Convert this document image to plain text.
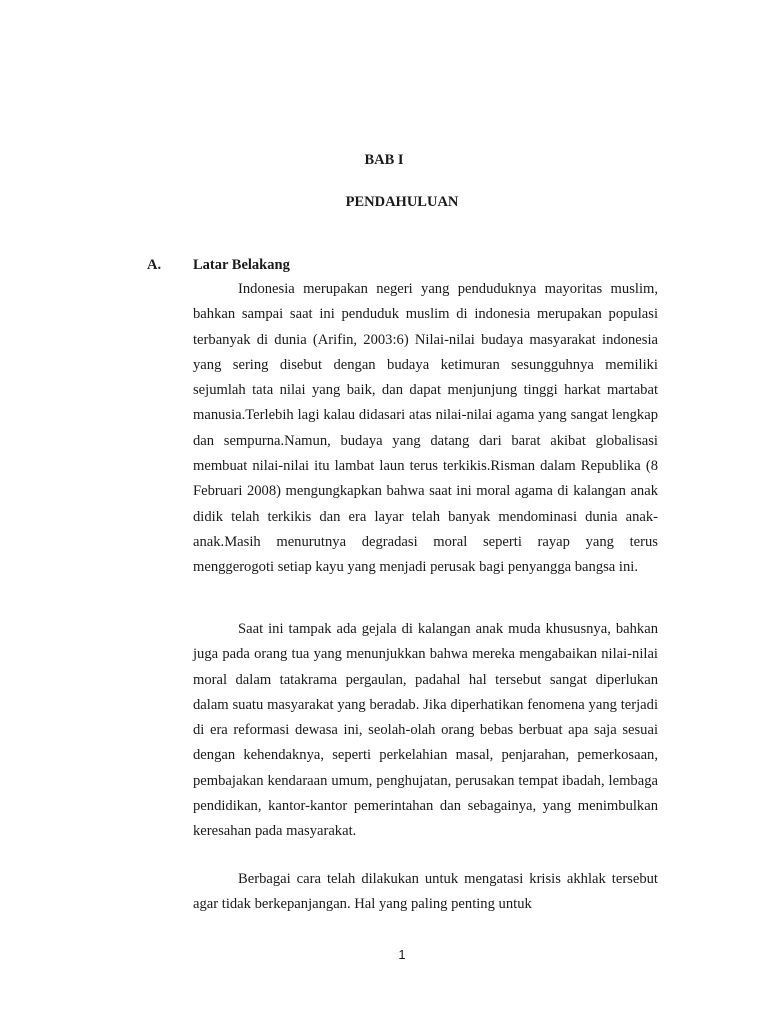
BAB I
PENDAHULUAN
A. Latar Belakang

Indonesia merupakan negeri yang penduduknya mayoritas muslim, bahkan sampai saat ini penduduk muslim di indonesia merupakan populasi terbanyak di dunia (Arifin, 2003:6) Nilai-nilai budaya masyarakat indonesia yang sering disebut dengan budaya ketimuran sesungguhnya memiliki sejumlah tata nilai yang baik, dan dapat menjunjung tinggi harkat martabat manusia.Terlebih lagi kalau didasari atas nilai-nilai agama yang sangat lengkap dan sempurna.Namun, budaya yang datang dari barat akibat globalisasi membuat nilai-nilai itu lambat laun terus terkikis.Risman dalam Republika (8 Februari 2008) mengungkapkan bahwa saat ini moral agama di kalangan anak didik telah terkikis dan era layar telah banyak mendominasi dunia anak-anak.Masih menurutnya degradasi moral seperti rayap yang terus menggerogoti setiap kayu yang menjadi perusak bagi penyangga bangsa ini.

Saat ini tampak ada gejala di kalangan anak muda khususnya, bahkan juga pada orang tua yang menunjukkan bahwa mereka mengabaikan nilai-nilai moral dalam tatakrama pergaulan, padahal hal tersebut sangat diperlukan dalam suatu masyarakat yang beradab. Jika diperhatikan fenomena yang terjadi di era reformasi dewasa ini, seolah-olah orang bebas berbuat apa saja sesuai dengan kehendaknya, seperti perkelahian masal, penjarahan, pemerkosaan, pembajakan kendaraan umum, penghujatan, perusakan tempat ibadah, lembaga pendidikan, kantor-kantor pemerintahan dan sebagainya, yang menimbulkan keresahan pada masyarakat.

Berbagai cara telah dilakukan untuk mengatasi krisis akhlak tersebut agar tidak berkepanjangan. Hal yang paling penting untuk

1
